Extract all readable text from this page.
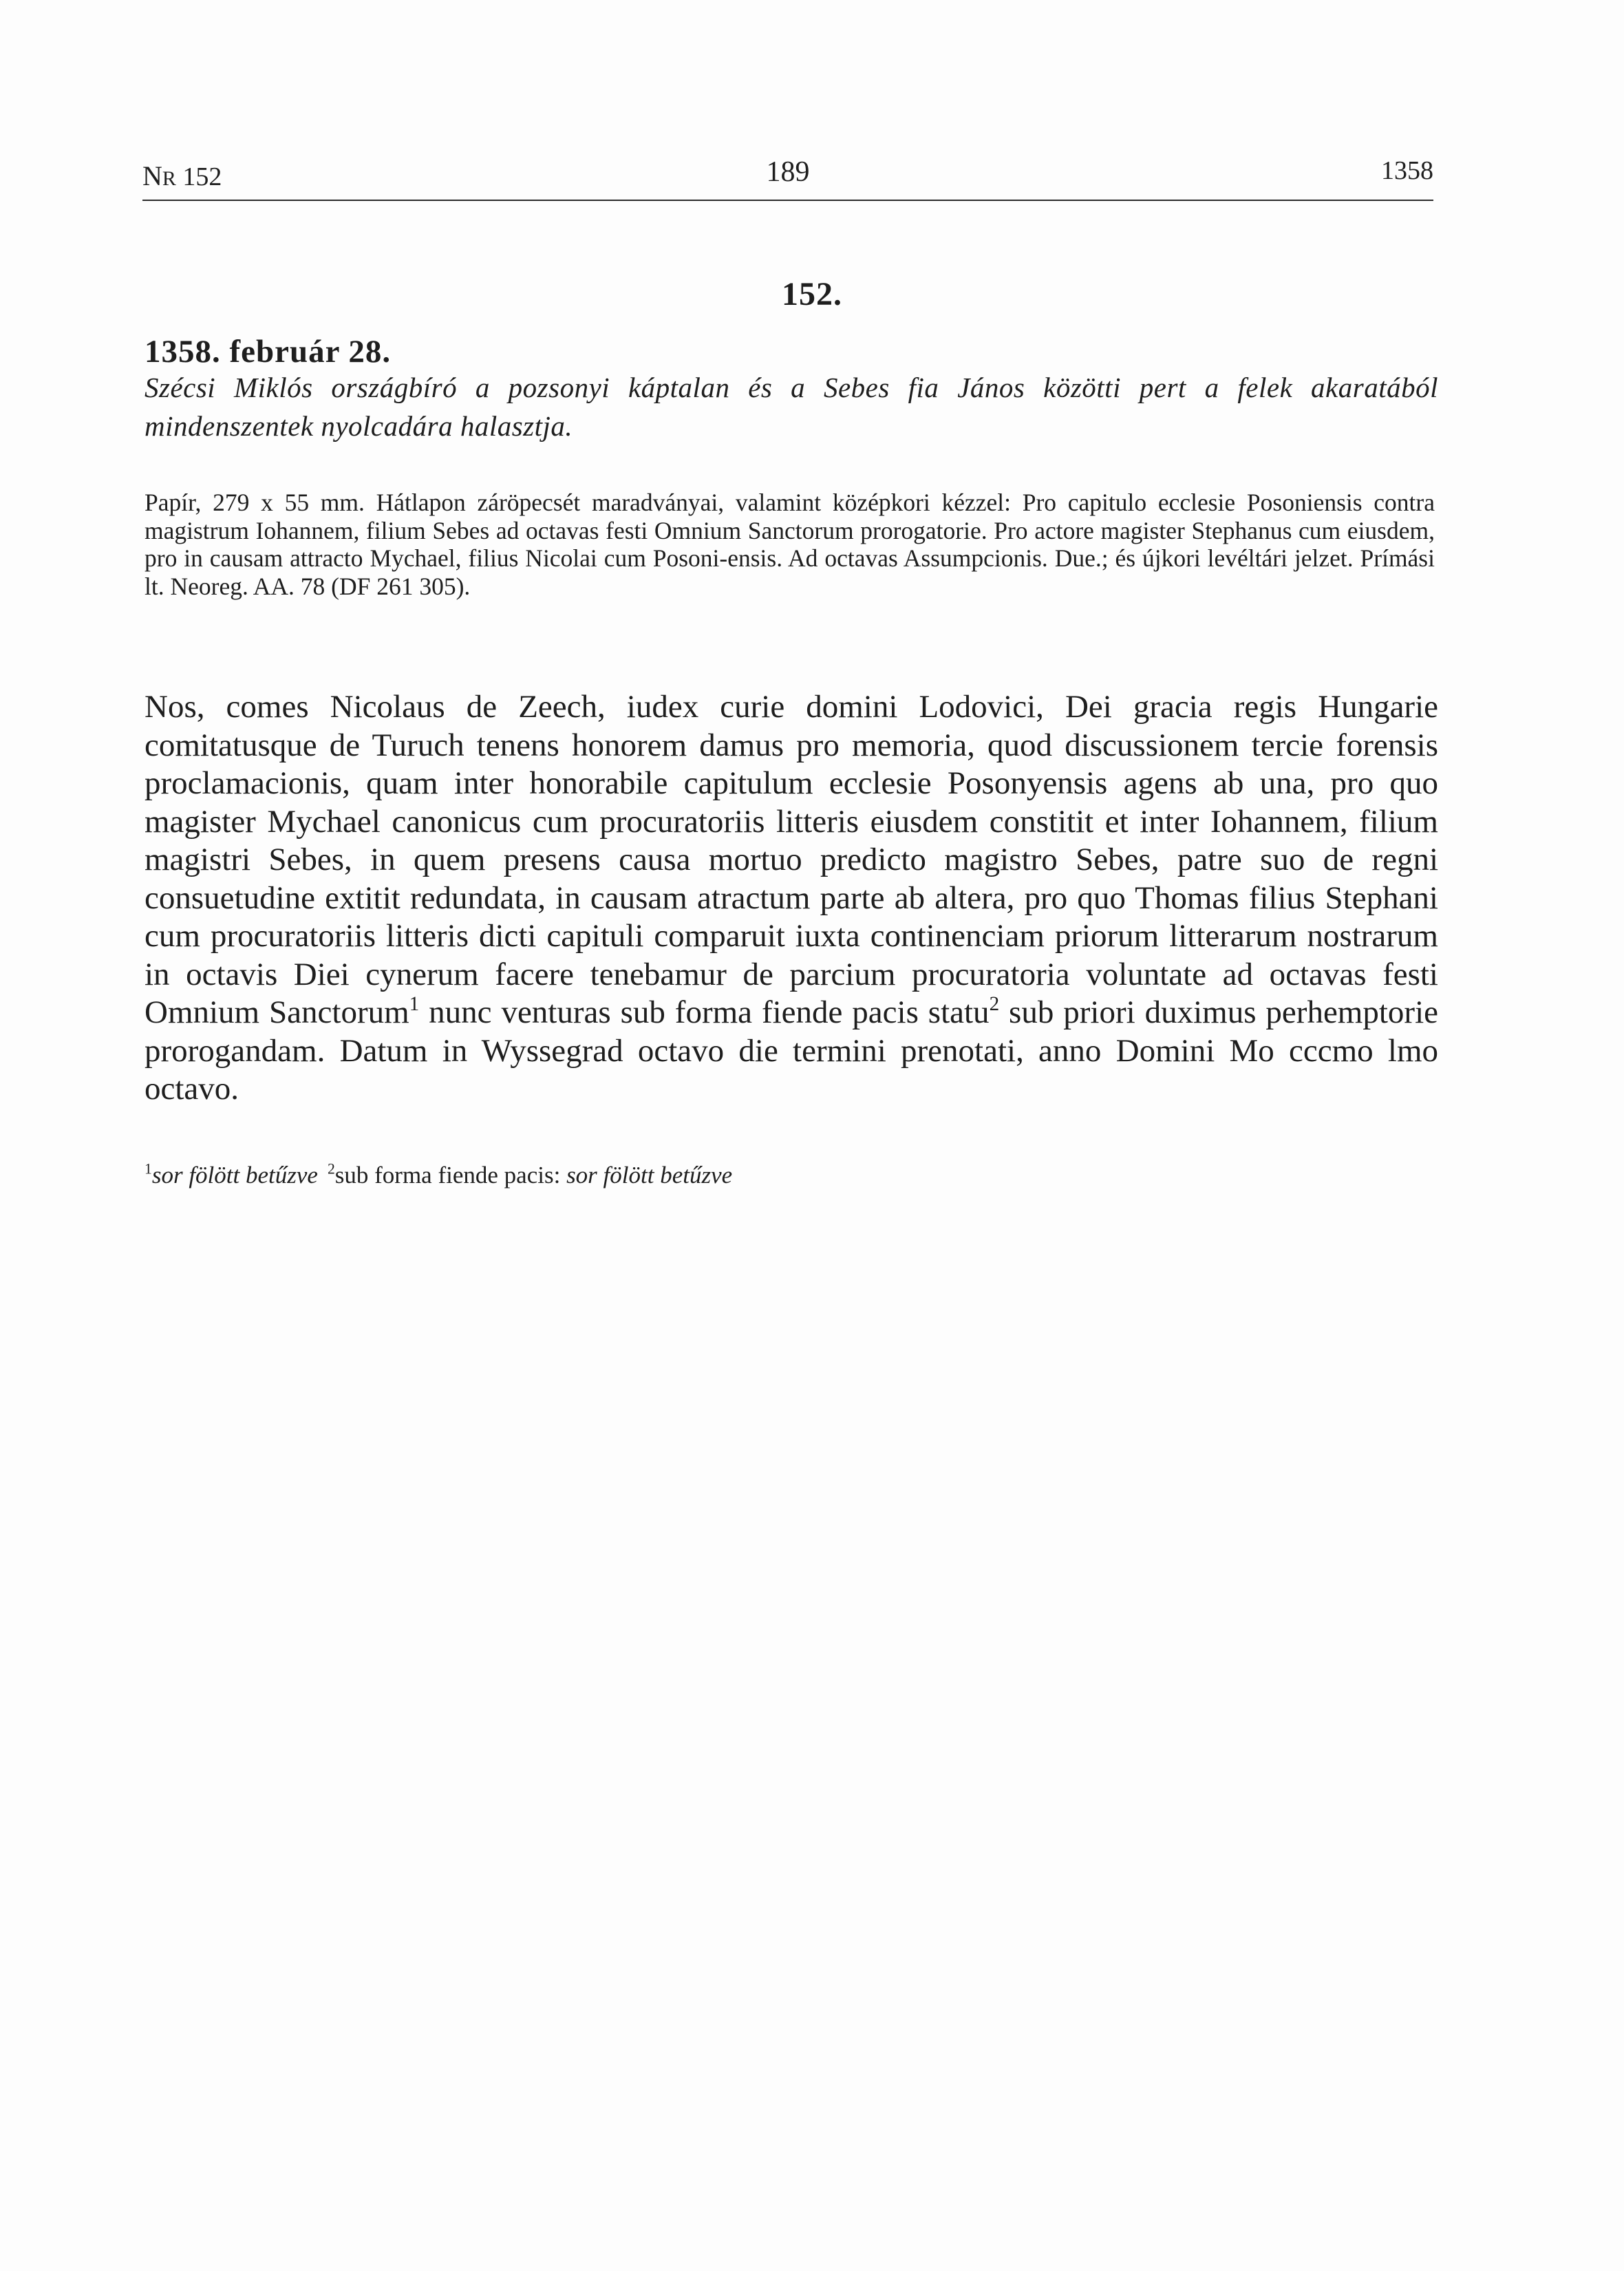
NR 152	189	1358
152.
1358. február 28.
Szécsi Miklós országbíró a pozsonyi káptalan és a Sebes fia János közötti pert a felek akaratából mindenszentek nyolcadára halasztja.
Papír, 279 x 55 mm. Hátlapon záröpecsét maradványai, valamint középkori kézzel: Pro capitulo ecclesie Posoniensis contra magistrum Iohannem, filium Sebes ad octavas festi Omnium Sanctorum prorogatorie. Pro actore magister Stephanus cum eiusdem, pro in causam attracto Mychael, filius Nicolai cum Posoni-ensis. Ad octavas Assumpcionis. Due.; és újkori levéltári jelzet. Prímási lt. Neoreg. AA. 78 (DF 261 305).
Nos, comes Nicolaus de Zeech, iudex curie domini Lodovici, Dei gracia regis Hungarie comitatusque de Turuch tenens honorem damus pro memoria, quod discussionem tercie forensis proclamacionis, quam inter honorabile capitulum ecclesie Posonyensis agens ab una, pro quo magister Mychael canonicus cum procuratoriis litteris eiusdem constitit et inter Iohannem, filium magistri Sebes, in quem presens causa mortuo predicto magistro Sebes, patre suo de regni consuetudine extitit redundata, in causam atractum parte ab altera, pro quo Thomas filius Stephani cum procuratoriis litteris dicti capituli comparuit iuxta continenciam priorum litterarum nostrarum in octavis Diei cynerum facere tenebamur de parcium procuratoria voluntate ad octavas festi Omnium Sanctorum$^1$ nunc venturas sub forma fiende pacis statu$^2$ sub priori duximus perhemptorie prorogandam. Datum in Wyssegrad octavo die termini prenotati, anno Domini Mo cccmo lmo octavo.
$^1$sor fölött betűzve $^2$sub forma fiende pacis: sor fölött betűzve
